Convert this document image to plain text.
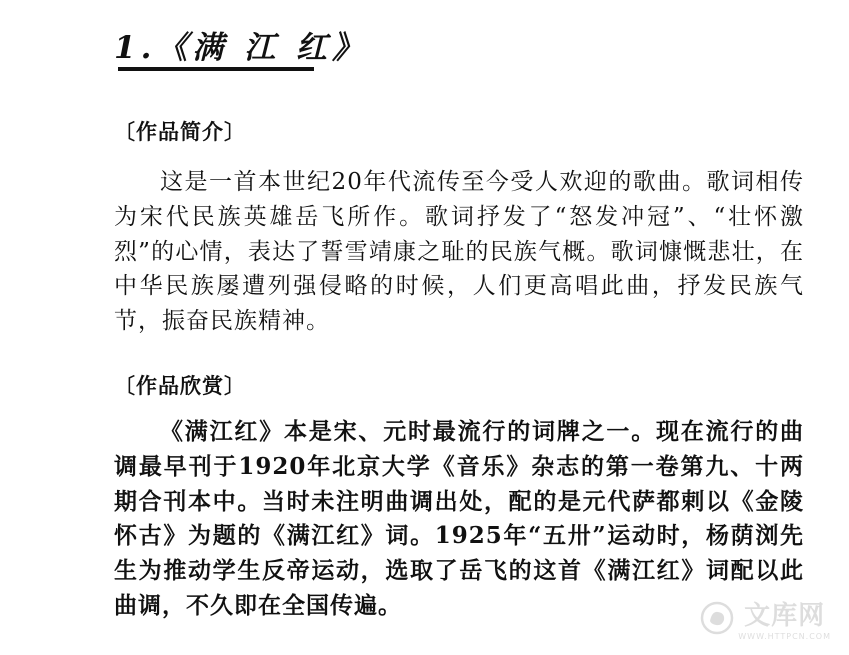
1.《满 江 红》
〔作品简介〕
这是一首本世纪20年代流传至今受人欢迎的歌曲。歌词相传为宋代民族英雄岳飞所作。歌词抒发了“怒发冲冠”、“壮怀激烈”的心情，表达了誓雪靖康之耻的民族气概。歌词慷慨悲壮，在中华民族屡遭列强侵略的时候，人们更高唱此曲，抒发民族气节，振奋民族精神。
〔作品欣赏〕
《满江红》本是宋、元时最流行的词牌之一。现在流行的曲调最早刊于1920年北京大学《音乐》杂志的第一卷第九、十两期合刊本中。当时未注明曲调出处，配的是元代萨都剌以《金陵怀古》为题的《满江红》词。1925年“五卅”运动时，杨荫浏先生为推动学生反帝运动，选取了岳飞的这首《满江红》词配以此曲调，不久即在全国传遍。	文库网
WWW.HTTPCN.COM
